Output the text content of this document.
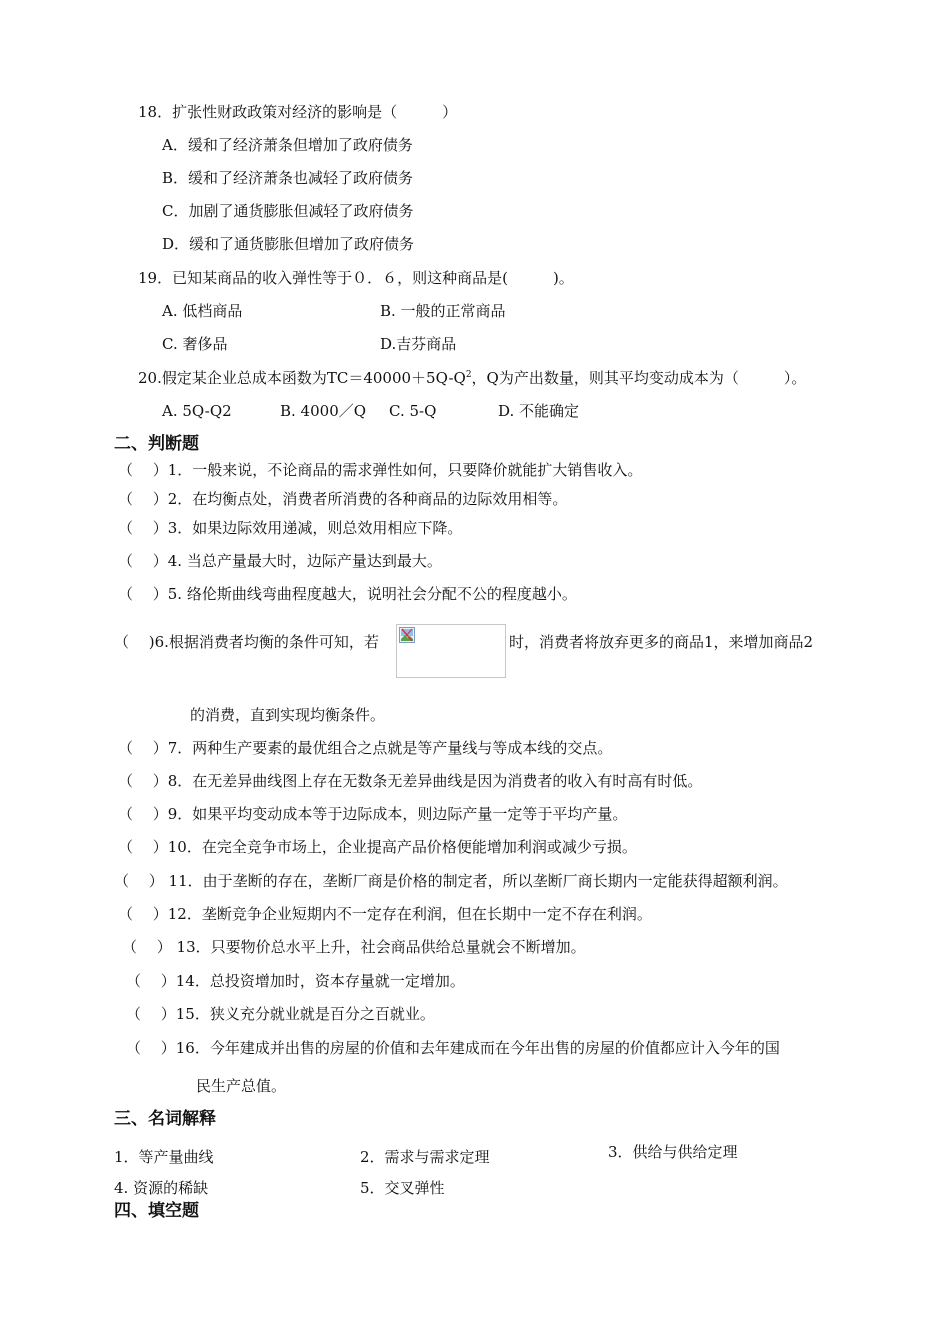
18．扩张性财政政策对经济的影响是（　　　）
A．缓和了经济萧条但增加了政府债务
B．缓和了经济萧条也减轻了政府债务
C．加剧了通货膨胀但减轻了政府债务
D．缓和了通货膨胀但增加了政府债务
19．已知某商品的收入弹性等于０．６，则这种商品是(　　　)。
A. 低档商品	B. 一般的正常商品
C. 奢侈品	D.吉芬商品
20.假定某企业总成本函数为$TC=40000+5Q-Q^2$，Q为产出数量，则其平均变动成本为（　　　）。
A. 5Q-Q2	B. 4000／Q C. 5-Q	D. 不能确定
二、判断题
（　 ）1．一般来说，不论商品的需求弹性如何，只要降价就能扩大销售收入。
（　 ）2．在均衡点处，消费者所消费的各种商品的边际效用相等。
（　 ）3．如果边际效用递减，则总效用相应下降。
（　 ）4. 当总产量最大时，边际产量达到最大。
（　 ）5. 络伦斯曲线弯曲程度越大，说明社会分配不公的程度越小。
（　 )6.根据消费者均衡的条件可知，若	时，消费者将放弃更多的商品1，来增加商品2
的消费，直到实现均衡条件。
（　 ）7．两种生产要素的最优组合之点就是等产量线与等成本线的交点。
（　 ）8．在无差异曲线图上存在无数条无差异曲线是因为消费者的收入有时高有时低。
（　 ）9．如果平均变动成本等于边际成本，则边际产量一定等于平均产量。
（　 ）10．在完全竞争市场上，企业提高产品价格便能增加利润或减少亏损。
（　 ） 11．由于垄断的存在，垄断厂商是价格的制定者，所以垄断厂商长期内一定能获得超额利润。
（　 ）12．垄断竞争企业短期内不一定存在利润，但在长期中一定不存在利润。
（　 ） 13．只要物价总水平上升，社会商品供给总量就会不断增加。
（　 ）14．总投资增加时，资本存量就一定增加。
（　 ）15．狭义充分就业就是百分之百就业。
（　 ）16．今年建成并出售的房屋的价值和去年建成而在今年出售的房屋的价值都应计入今年的国
民生产总值。
三、名词解释
1．等产量曲线	2．需求与需求定理	3．供给与供给定理
4. 资源的稀缺	5．交叉弹性
四、填空题
